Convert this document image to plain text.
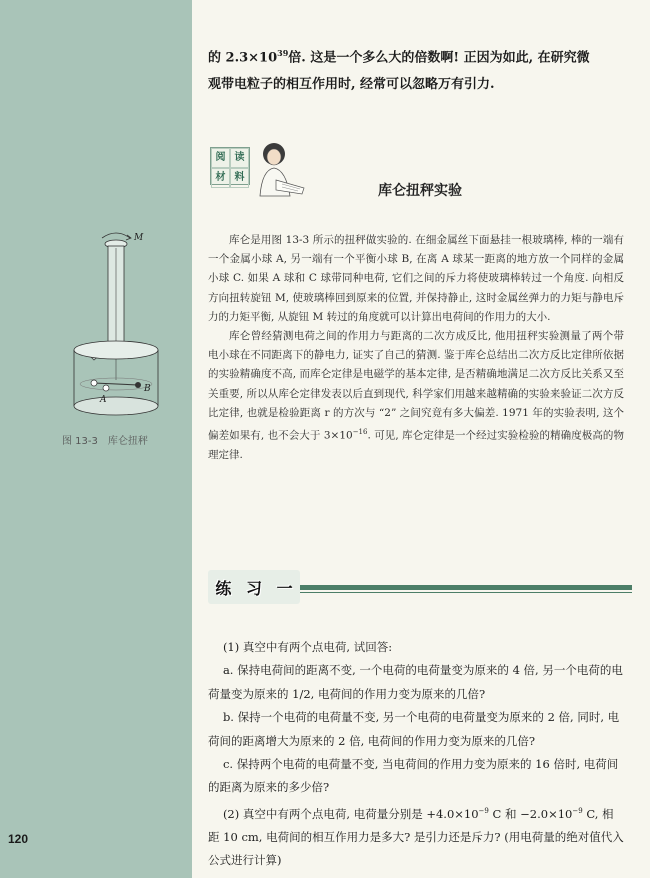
120
的 $2.3\times 10^{39}$倍. 这是一个多么大的倍数啊! 正因为如此, 在研究微
观带电粒子的相互作用时, 经常可以忽略万有引力.
阅 读
材 料
库仑扭秤实验
M
A
B
图 13-3　库仑扭秤

库仑是用图 13-3 所示的扭秤做实验的. 在细金属丝下面悬挂一根玻璃棒, 棒的一端有一个金属小球 A, 另一端有一个平衡小球 B, 在离 A 球某一距离的地方放一个同样的金属小球 C. 如果 A 球和 C 球带同种电荷, 它们之间的斥力将使玻璃棒转过一个角度. 向相反方向扭转旋钮 M, 使玻璃棒回到原来的位置, 并保持静止, 这时金属丝弹力的力矩与静电斥力的力矩平衡, 从旋钮 M 转过的角度就可以计算出电荷间的作用力的大小.

库仑曾经猜测电荷之间的作用力与距离的二次方成反比, 他用扭秤实验测量了两个带电小球在不同距离下的静电力, 证实了自己的猜测. 鉴于库仑总结出二次方反比定律所依据的实验精确度不高, 而库仑定律是电磁学的基本定律, 是否精确地满足二次方反比关系又至关重要, 所以从库仑定律发表以后直到现代, 科学家们用越来越精确的实验来验证二次方反比定律, 也就是检验距离 r 的方次与 “2” 之间究竟有多大偏差. 1971 年的实验表明, 这个偏差如果有, 也不会大于 $3\times 10^{-16}$. 可见, 库仑定律是一个经过实验检验的精确度极高的物理定律.

练 习 一

(1) 真空中有两个点电荷, 试回答:

a. 保持电荷间的距离不变, 一个电荷的电荷量变为原来的 4 倍, 另一个电荷的电荷量变为原来的 1/2, 电荷间的作用力变为原来的几倍?

b. 保持一个电荷的电荷量不变, 另一个电荷的电荷量变为原来的 2 倍, 同时, 电荷间的距离增大为原来的 2 倍, 电荷间的作用力变为原来的几倍?

c. 保持两个电荷的电荷量不变, 当电荷间的作用力变为原来的 16 倍时, 电荷间的距离为原来的多少倍?

(2) 真空中有两个点电荷, 电荷量分别是 $+4.0\times 10^{-9}$ C 和 $-2.0\times 10^{-9}$ C, 相距 10 cm, 电荷间的相互作用力是多大? 是引力还是斥力? (用电荷量的绝对值代入公式进行计算)
